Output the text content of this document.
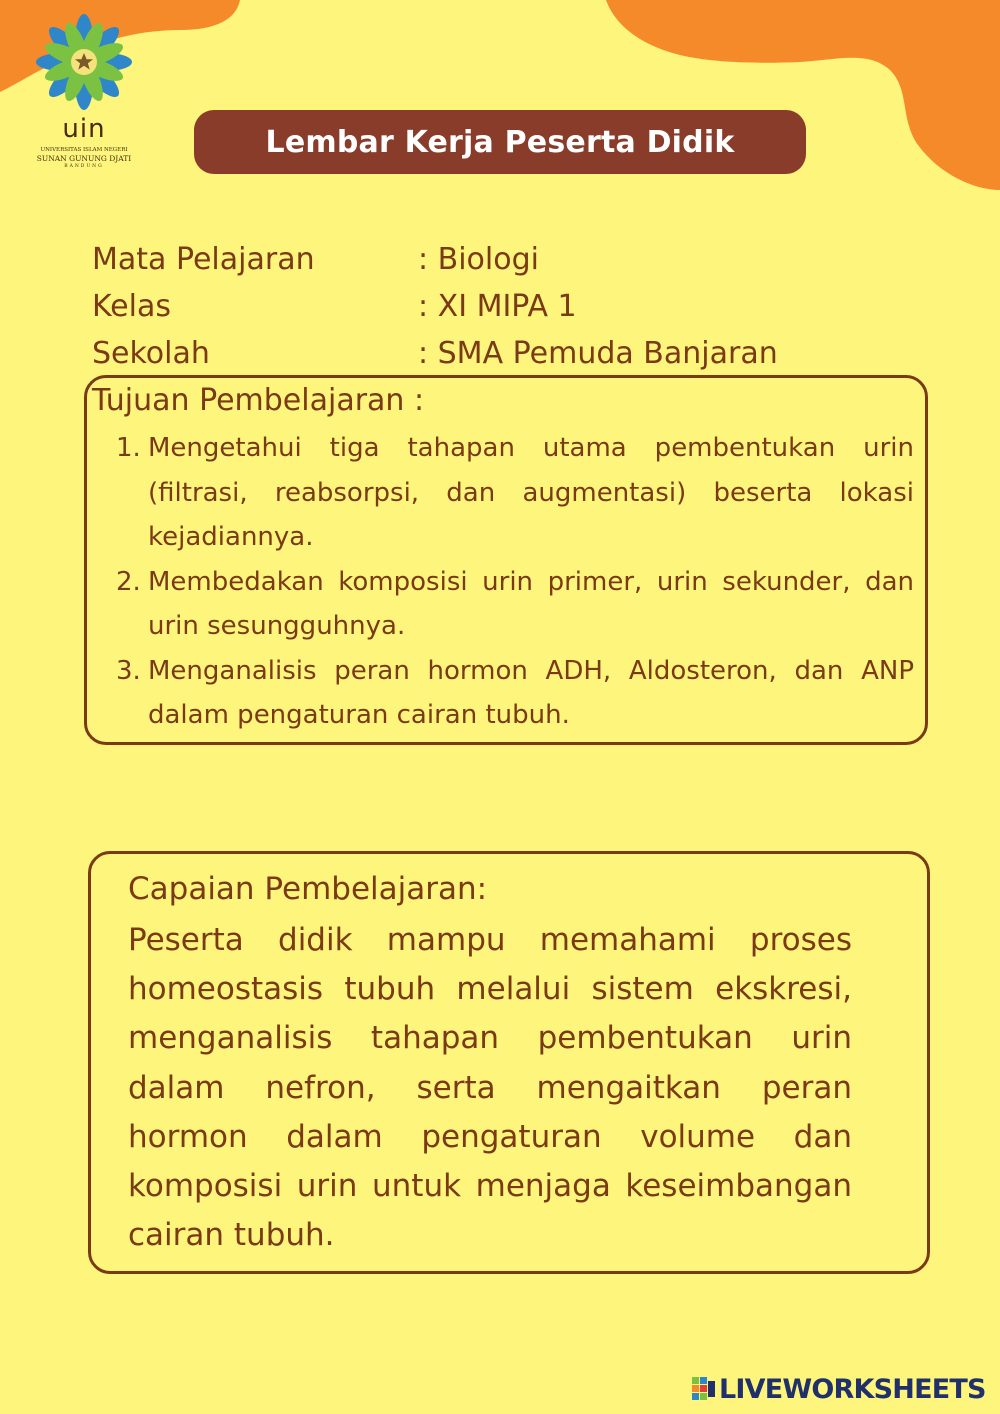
uin
UNIVERSITAS ISLAM NEGERI
SUNAN GUNUNG DJATI
BANDUNG
Lembar Kerja Peserta Didik
Mata Pelajaran	: Biologi
Kelas	: XI MIPA 1
Sekolah	: SMA Pemuda Banjaran
Tujuan Pembelajaran :
1. Mengetahui tiga tahapan utama pembentukan urin (filtrasi, reabsorpsi, dan augmentasi) beserta lokasi kejadiannya.
2. Membedakan komposisi urin primer, urin sekunder, dan urin sesungguhnya.
3. Menganalisis peran hormon ADH, Aldosteron, dan ANP dalam pengaturan cairan tubuh.
Capaian Pembelajaran:
Peserta didik mampu memahami proses homeostasis tubuh melalui sistem ekskresi, menganalisis tahapan pembentukan urin dalam nefron, serta mengaitkan peran hormon dalam pengaturan volume dan komposisi urin untuk menjaga keseimbangan cairan tubuh.
LIVEWORKSHEETS
